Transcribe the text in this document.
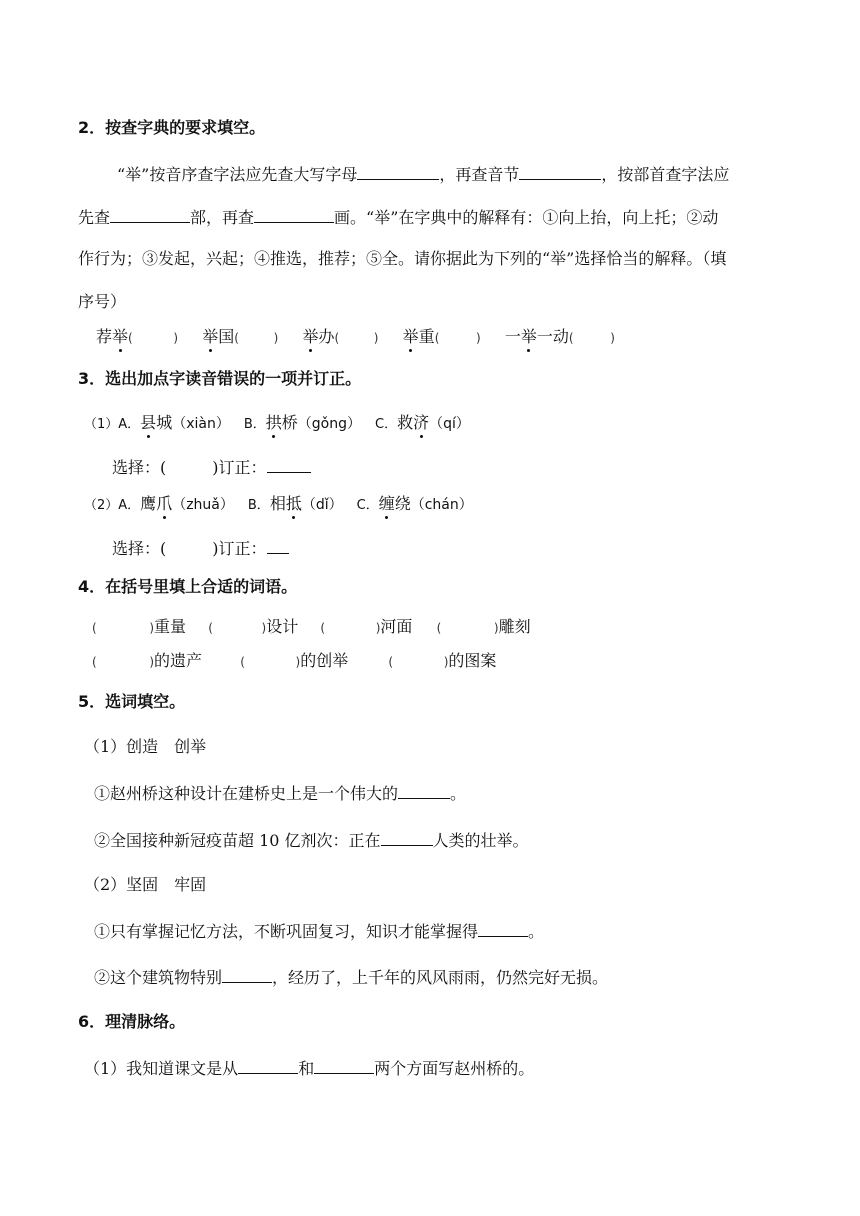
2．按查字典的要求填空。
“举”按音序查字法应先查大写字母	，再查音节	，按部首查字法应
先查	部，再查	画。“举”在字典中的解释有：①向上抬，向上托；②动
作行为；③发起，兴起；④推选，推荐；⑤全。请你据此为下列的“举”选择恰当的解释。（填
序号）
荐举(	) 举国(	) 举办(	) 举重(	) 一举一动(	)
3．选出加点字读音错误的一项并订正。
（1）A．县城（xiàn） B．拱桥（gǒng） C．救济（qí）
选择：(	)订正：
（2）A．鹰爪（zhuǎ） B．相抵（dǐ） C．缠绕（chán）
选择：(	)订正：
4．在括号里填上合适的词语。
(	) 重量 (	) 设计 (	) 河面 (	) 雕刻
(	) 的遗产	(	) 的创举	(	) 的图案
5．选词填空。
（1）创造　创举
①赵州桥这种设计在建桥史上是一个伟大的	。
②全国接种新冠疫苗超 10 亿剂次：正在	人类的壮举。
（2）坚固　牢固
①只有掌握记忆方法，不断巩固复习，知识才能掌握得	。
②这个建筑物特别	，经历了，上千年的风风雨雨，仍然完好无损。
6．理清脉络。
（1）我知道课文是从	和	两个方面写赵州桥的。
